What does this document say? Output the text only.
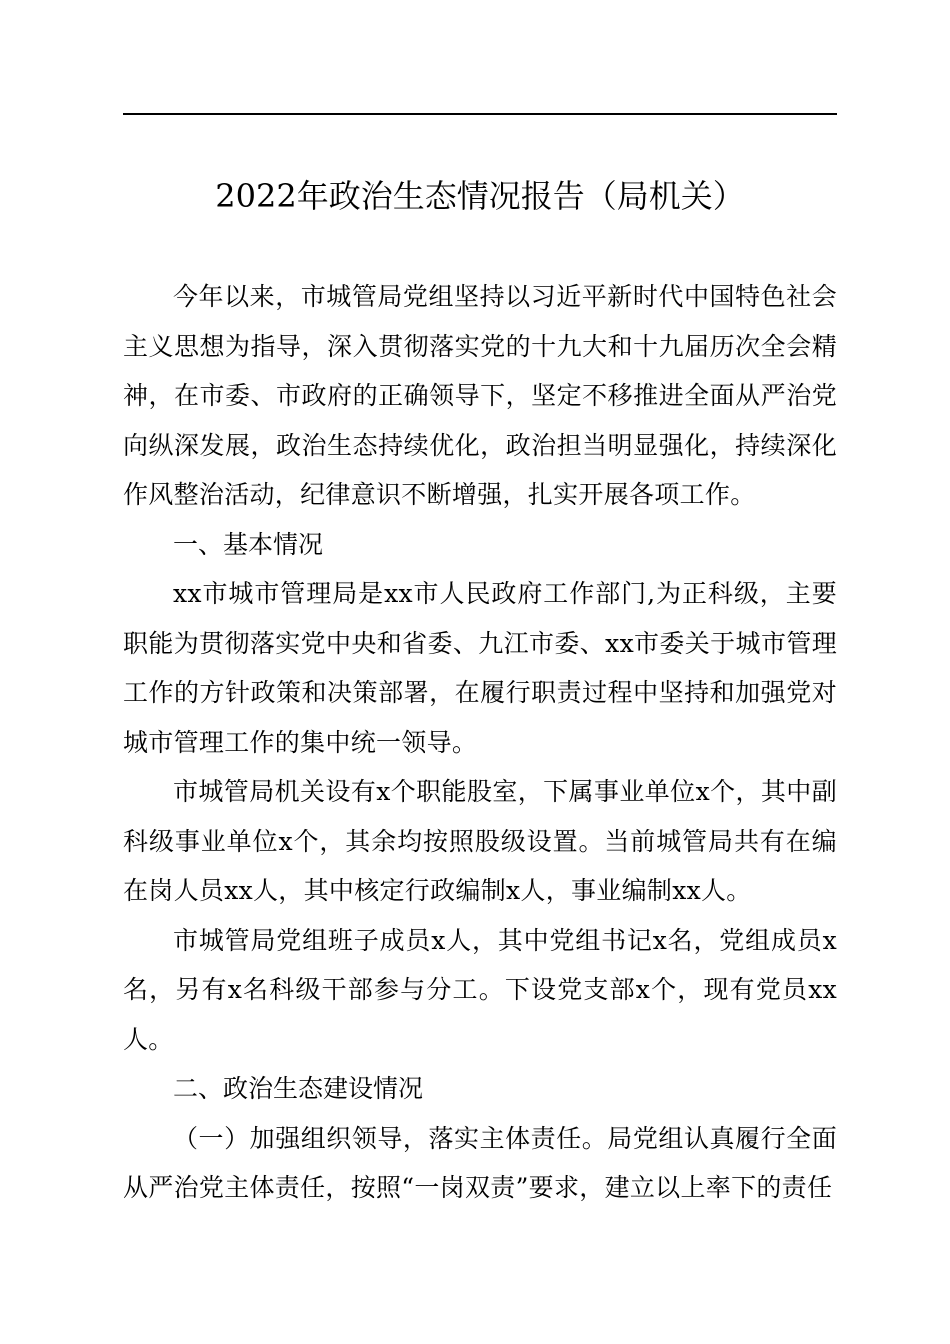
2022年政治生态情况报告（局机关）

今年以来，市城管局党组坚持以习近平新时代中国特色社会主义思想为指导，深入贯彻落实党的十九大和十九届历次全会精神，在市委、市政府的正确领导下，坚定不移推进全面从严治党向纵深发展，政治生态持续优化，政治担当明显强化，持续深化作风整治活动，纪律意识不断增强，扎实开展各项工作。

一、基本情况

xx市城市管理局是xx市人民政府工作部门,为正科级，主要职能为贯彻落实党中央和省委、九江市委、xx市委关于城市管理工作的方针政策和决策部署，在履行职责过程中坚持和加强党对城市管理工作的集中统一领导。

市城管局机关设有x个职能股室，下属事业单位x个，其中副科级事业单位x个，其余均按照股级设置。当前城管局共有在编在岗人员xx人，其中核定行政编制x人，事业编制xx人。

市城管局党组班子成员x人，其中党组书记x名，党组成员x名，另有x名科级干部参与分工。下设党支部x个，现有党员xx人。

二、政治生态建设情况

（一）加强组织领导，落实主体责任。局党组认真履行全面从严治党主体责任，按照“一岗双责”要求，建立以上率下的责任
